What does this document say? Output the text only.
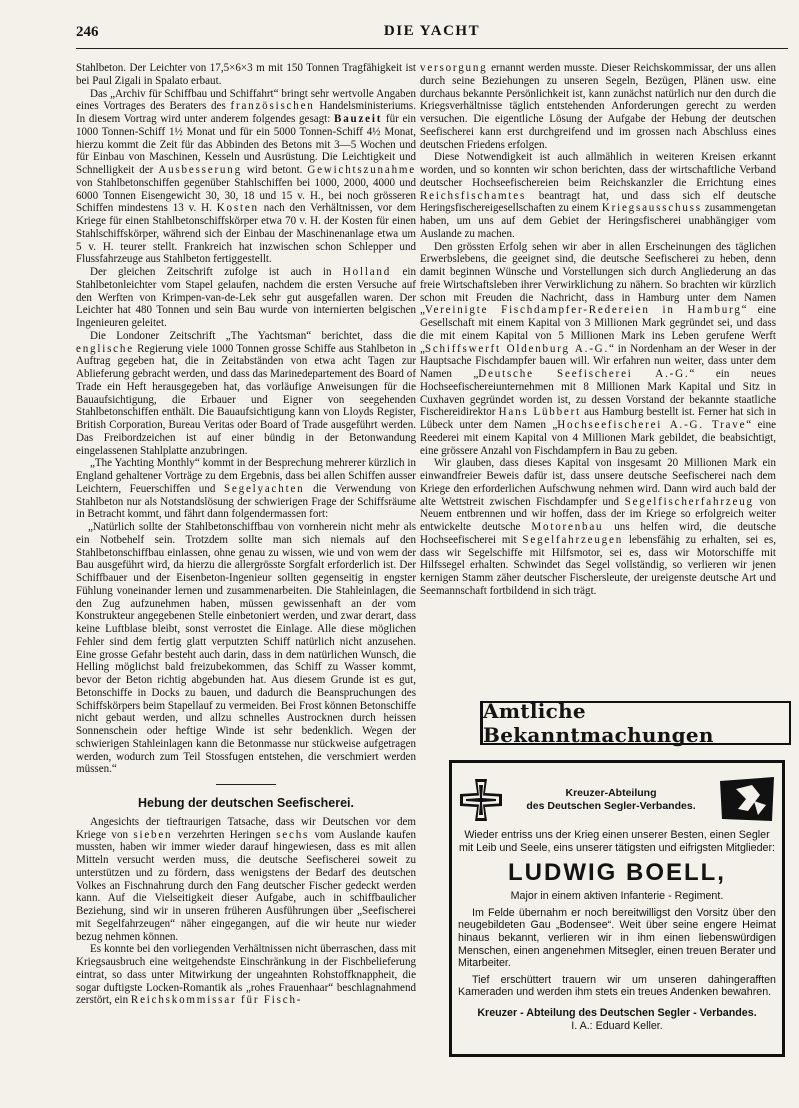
246	DIE YACHT

Stahlbeton. Der Leichter von 17,5×6×3 m mit 150 Tonnen Tragfähigkeit ist bei Paul Zigali in Spalato erbaut.

Das „Archiv für Schiffbau und Schiffahrt“ bringt sehr wertvolle Angaben eines Vortrages des Beraters des französischen Handelsministeriums. In diesem Vortrag wird unter anderem folgendes gesagt: Bauzeit für ein 1000 Tonnen-Schiff 1½ Monat und für ein 5000 Tonnen-Schiff 4½ Monat, hierzu kommt die Zeit für das Abbinden des Betons mit 3—5 Wochen und für Einbau von Maschinen, Kesseln und Ausrüstung. Die Leichtigkeit und Schnelligkeit der Ausbesserung wird betont. Gewichtszunahme von Stahlbetonschiffen gegenüber Stahlschiffen bei 1000, 2000, 4000 und 6000 Tonnen Eisengewicht 30, 30, 18 und 15 v. H., bei noch grösseren Schiffen mindestens 13 v. H. Kosten nach den Verhältnissen, vor dem Kriege für einen Stahlbetonschiffskörper etwa 70 v. H. der Kosten für einen Stahlschiffskörper, während sich der Einbau der Maschinenanlage etwa um 5 v. H. teurer stellt. Frankreich hat inzwischen schon Schlepper und Flussfahrzeuge aus Stahlbeton fertiggestellt.

Der gleichen Zeitschrift zufolge ist auch in Holland ein Stahlbetonleichter vom Stapel gelaufen, nachdem die ersten Versuche auf den Werften von Krimpen-van-de-Lek sehr gut ausgefallen waren. Der Leichter hat 480 Tonnen und sein Bau wurde von internierten belgischen Ingenieuren geleitet.

Die Londoner Zeitschrift „The Yachtsman“ berichtet, dass die englische Regierung viele 1000 Tonnen grosse Schiffe aus Stahlbeton in Auftrag gegeben hat, die in Zeitabständen von etwa acht Tagen zur Ablieferung gebracht werden, und dass das Marinedepartement des Board of Trade ein Heft herausgegeben hat, das vorläufige Anweisungen für die Bauaufsichtigung, die Erbauer und Eigner von seegehenden Stahlbetonschiffen enthält. Die Bauaufsichtigung kann von Lloyds Register, British Corporation, Bureau Veritas oder Board of Trade ausgeführt werden. Das Freibordzeichen ist auf einer bündig in der Betonwandung eingelassenen Stahlplatte anzubringen.

„The Yachting Monthly“ kommt in der Besprechung mehrerer kürzlich in England gehaltener Vorträge zu dem Ergebnis, dass bei allen Schiffen ausser Leichtern, Feuerschiffen und Segelyachten die Verwendung von Stahlbeton nur als Notstandslösung der schwierigen Frage der Schiffsräume in Betracht kommt, und fährt dann folgendermassen fort:

„Natürlich sollte der Stahlbetonschiffbau von vornherein nicht mehr als ein Notbehelf sein. Trotzdem sollte man sich niemals auf den Stahlbetonschiffbau einlassen, ohne genau zu wissen, wie und von wem der Bau ausgeführt wird, da hierzu die allergrösste Sorgfalt erforderlich ist. Der Schiffbauer und der Eisenbeton-Ingenieur sollten gegenseitig in engster Fühlung voneinander lernen und zusammenarbeiten. Die Stahleinlagen, die den Zug aufzunehmen haben, müssen gewissenhaft an der vom Konstrukteur angegebenen Stelle einbetoniert werden, und zwar derart, dass keine Luftblase bleibt, sonst verrostet die Einlage. Alle diese möglichen Fehler sind dem fertig glatt verputzten Schiff natürlich nicht anzusehen. Eine grosse Gefahr besteht auch darin, dass in dem natürlichen Wunsch, die Helling möglichst bald freizubekommen, das Schiff zu Wasser kommt, bevor der Beton richtig abgebunden hat. Aus diesem Grunde ist es gut, Betonschiffe in Docks zu bauen, und dadurch die Beanspruchungen des Schiffskörpers beim Stapellauf zu vermeiden. Bei Frost können Betonschiffe nicht gebaut werden, und allzu schnelles Austrocknen durch heissen Sonnenschein oder heftige Winde ist sehr bedenklich. Wegen der schwierigen Stahleinlagen kann die Betonmasse nur stückweise aufgetragen werden, wodurch zum Teil Stossfugen entstehen, die verschmiert werden müssen.“

Hebung der deutschen Seefischerei.

Angesichts der tieftraurigen Tatsache, dass wir Deutschen vor dem Kriege von sieben verzehrten Heringen sechs vom Auslande kaufen mussten, haben wir immer wieder darauf hingewiesen, dass es mit allen Mitteln versucht werden muss, die deutsche Seefischerei soweit zu unterstützen und zu fördern, dass wenigstens der Bedarf des deutschen Volkes an Fischnahrung durch den Fang deutscher Fischer gedeckt werden kann. Auf die Vielseitigkeit dieser Aufgabe, auch in schiffbaulicher Beziehung, sind wir in unseren früheren Ausführungen über „Seefischerei mit Segelfahrzeugen“ näher eingegangen, auf die wir heute nur wieder bezug nehmen können.

Es konnte bei den vorliegenden Verhältnissen nicht überraschen, dass mit Kriegsausbruch eine weitgehendste Einschränkung in der Fischbelieferung eintrat, so dass unter Mitwirkung der ungeahnten Rohstoffknappheit, die sogar duftigste Locken-Romantik als „rohes Frauenhaar“ beschlagnahmend zerstört, ein Reichskommissar für Fisch-

versorgung ernannt werden musste. Dieser Reichskommissar, der uns allen durch seine Beziehungen zu unseren Segeln, Bezügen, Plänen usw. eine durchaus bekannte Persönlichkeit ist, kann zunächst natürlich nur den durch die Kriegsverhältnisse täglich entstehenden Anforderungen gerecht zu werden versuchen. Die eigentliche Lösung der Aufgabe der Hebung der deutschen Seefischerei kann erst durchgreifend und im grossen nach Abschluss eines deutschen Friedens erfolgen.

Diese Notwendigkeit ist auch allmählich in weiteren Kreisen erkannt worden, und so konnten wir schon berichten, dass der wirtschaftliche Verband deutscher Hochseefischereien beim Reichskanzler die Errichtung eines Reichsfischamtes beantragt hat, und dass sich elf deutsche Heringsfischereigesellschaften zu einem Kriegsausschuss zusammengetan haben, um uns auf dem Gebiet der Heringsfischerei unabhängiger vom Auslande zu machen.

Den grössten Erfolg sehen wir aber in allen Erscheinungen des täglichen Erwerbslebens, die geeignet sind, die deutsche Seefischerei zu heben, denn damit beginnen Wünsche und Vorstellungen sich durch Angliederung an das freie Wirtschaftsleben ihrer Verwirklichung zu nähern. So brachten wir kürzlich schon mit Freuden die Nachricht, dass in Hamburg unter dem Namen „Vereinigte Fischdampfer-Redereien in Hamburg“ eine Gesellschaft mit einem Kapital von 3 Millionen Mark gegründet sei, und dass die mit einem Kapital von 5 Millionen Mark ins Leben gerufene Werft „Schiffswerft Oldenburg A.-G.“ in Nordenham an der Weser in der Hauptsache Fischdampfer bauen will. Wir erfahren nun weiter, dass unter dem Namen „Deutsche Seefischerei A.-G.“ ein neues Hochseefischereiunternehmen mit 8 Millionen Mark Kapital und Sitz in Cuxhaven gegründet worden ist, zu dessen Vorstand der bekannte staatliche Fischereidirektor Hans Lübbert aus Hamburg bestellt ist. Ferner hat sich in Lübeck unter dem Namen „Hochseefischerei A.-G. Trave“ eine Reederei mit einem Kapital von 4 Millionen Mark gebildet, die beabsichtigt, eine grössere Anzahl von Fischdampfern in Bau zu geben.

Wir glauben, dass dieses Kapital von insgesamt 20 Millionen Mark ein einwandfreier Beweis dafür ist, dass unsere deutsche Seefischerei nach dem Kriege den erforderlichen Aufschwung nehmen wird. Dann wird auch bald der alte Wettstreit zwischen Fischdampfer und Segelfischerfahrzeug von Neuem entbrennen und wir hoffen, dass der im Kriege so erfolgreich weiter entwickelte deutsche Motorenbau uns helfen wird, die deutsche Hochseefischerei mit Segelfahrzeugen lebensfähig zu erhalten, sei es, dass wir Segelschiffe mit Hilfsmotor, sei es, dass wir Motorschiffe mit Hilfssegel erhalten. Schwindet das Segel vollständig, so verlieren wir jenen kernigen Stamm zäher deutscher Fischersleute, der ureigenste deutsche Art und Seemannschaft fortbildend in sich trägt.

Amtliche Bekanntmachungen
Kreuzer-Abteilung
des Deutschen Segler-Verbandes.

Wieder entriss uns der Krieg einen unserer Besten, einen Segler mit Leib und Seele, eins unserer tätigsten und eifrigsten Mitglieder:

LUDWIG BOELL,

Major in einem aktiven Infanterie - Regiment.

Im Felde übernahm er noch bereitwilligst den Vorsitz über den neugebildeten Gau „Bodensee“. Weit über seine engere Heimat hinaus bekannt, verlieren wir in ihm einen liebenswürdigen Menschen, einen angenehmen Mitsegler, einen treuen Berater und Mitarbeiter.

Tief erschüttert trauern wir um unseren dahingerafften Kameraden und werden ihm stets ein treues Andenken bewahren.

Kreuzer - Abteilung des Deutschen Segler - Verbandes.

I. A.: Eduard Keller.
